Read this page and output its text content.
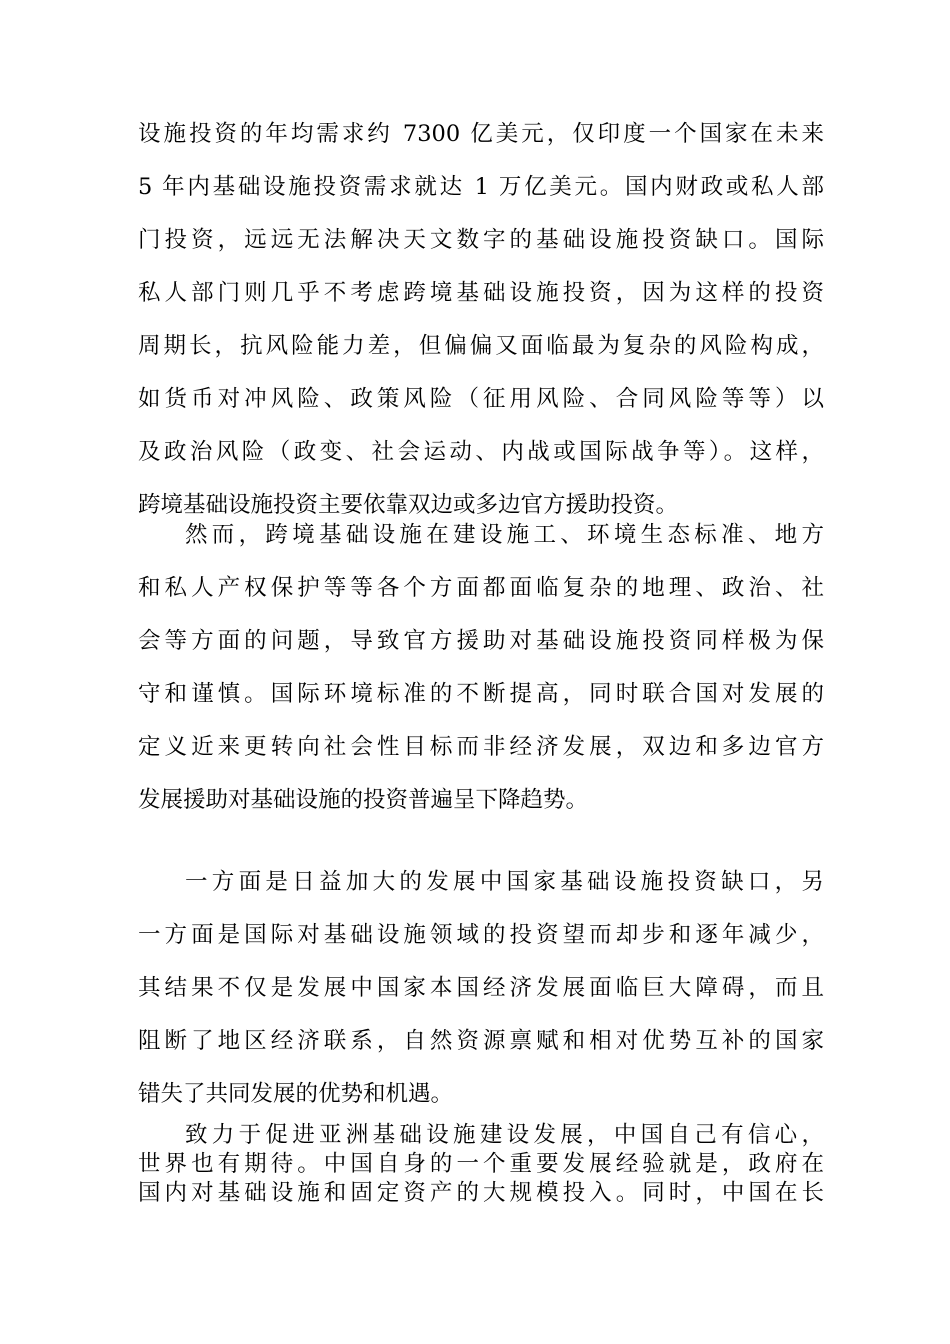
设施投资的年均需求约 7300 亿美元，仅印度一个国家在未来
5 年内基础设施投资需求就达 1 万亿美元。国内财政或私人部
门投资，远远无法解决天文数字的基础设施投资缺口。国际
私人部门则几乎不考虑跨境基础设施投资，因为这样的投资
周期长，抗风险能力差，但偏偏又面临最为复杂的风险构成，
如货币对冲风险、政策风险（征用风险、合同风险等等）以
及政治风险（政变、社会运动、内战或国际战争等）。这样，
跨境基础设施投资主要依靠双边或多边官方援助投资。
然而，跨境基础设施在建设施工、环境生态标准、地方
和私人产权保护等等各个方面都面临复杂的地理、政治、社
会等方面的问题，导致官方援助对基础设施投资同样极为保
守和谨慎。国际环境标准的不断提高，同时联合国对发展的
定义近来更转向社会性目标而非经济发展，双边和多边官方
发展援助对基础设施的投资普遍呈下降趋势。
一方面是日益加大的发展中国家基础设施投资缺口，另
一方面是国际对基础设施领域的投资望而却步和逐年减少，
其结果不仅是发展中国家本国经济发展面临巨大障碍，而且
阻断了地区经济联系，自然资源禀赋和相对优势互补的国家
错失了共同发展的优势和机遇。
致力于促进亚洲基础设施建设发展，中国自己有信心，
世界也有期待。中国自身的一个重要发展经验就是，政府在
国内对基础设施和固定资产的大规模投入。同时，中国在长
